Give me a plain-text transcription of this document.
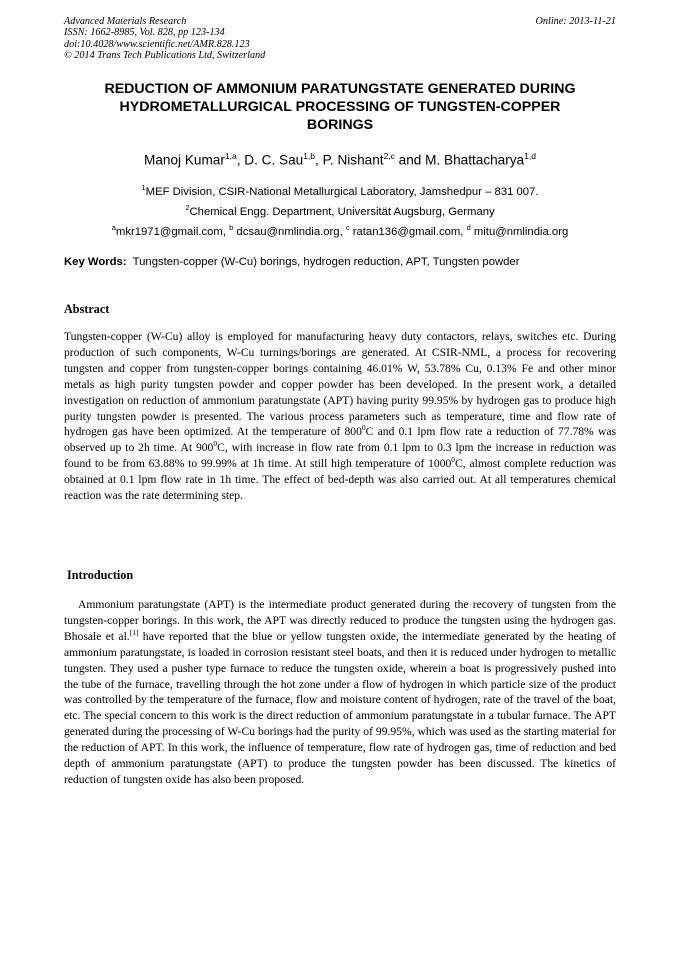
Advanced Materials Research
ISSN: 1662-8985, Vol. 828, pp 123-134
doi:10.4028/www.scientific.net/AMR.828.123
© 2014 Trans Tech Publications Ltd, Switzerland
Online: 2013-11-21
REDUCTION OF AMMONIUM PARATUNGSTATE GENERATED DURING
HYDROMETALLURGICAL PROCESSING OF TUNGSTEN-COPPER
BORINGS
Manoj Kumar$^{1,a}$, D. C. Sau$^{1,b}$, P. Nishant$^{2,c}$ and M. Bhattacharya$^{1,d}$
$^1$MEF Division, CSIR-National Metallurgical Laboratory, Jamshedpur – 831 007.
$^2$Chemical Engg. Department, Universität Augsburg, Germany
$^a$mkr1971@gmail.com, $^b$ dcsau@nmlindia.org, $^c$ ratan136@gmail.com, $^d$ mitu@nmlindia.org
Key Words:  Tungsten-copper (W-Cu) borings, hydrogen reduction, APT, Tungsten powder
Abstract
Tungsten-copper (W-Cu) alloy is employed for manufacturing heavy duty contactors, relays, switches etc. During production of such components, W-Cu turnings/borings are generated. At CSIR-NML, a process for recovering tungsten and copper from tungsten-copper borings containing 46.01% W, 53.78% Cu, 0.13% Fe and other minor metals as high purity tungsten powder and copper powder has been developed. In the present work, a detailed investigation on reduction of ammonium paratungstate (APT) having purity 99.95% by hydrogen gas to produce high purity tungsten powder is presented. The various process parameters such as temperature, time and flow rate of hydrogen gas have been optimized. At the temperature of $800^0C$ and 0.1 lpm flow rate a reduction of 77.78% was observed up to 2h time. At $900^0C$, with increase in flow rate from 0.1 lpm to 0.3 lpm the increase in reduction was found to be from 63.88% to 99.99% at 1h time. At still high temperature of 1000$^0$C, almost complete reduction was obtained at 0.1 lpm flow rate in 1h time. The effect of bed-depth was also carried out. At all temperatures chemical reaction was the rate determining step.
Introduction
Ammonium paratungstate (APT) is the intermediate product generated during the recovery of tungsten from the tungsten-copper borings. In this work, the APT was directly reduced to produce the tungsten using the hydrogen gas. Bhosale et al.[1] have reported that the blue or yellow tungsten oxide, the intermediate generated by the heating of ammonium paratungstate, is loaded in corrosion resistant steel boats, and then it is reduced under hydrogen to metallic tungsten. They used a pusher type furnace to reduce the tungsten oxide, wherein a boat is progressively pushed into the tube of the furnace, travelling through the hot zone under a flow of hydrogen in which particle size of the product was controlled by the temperature of the furnace, flow and moisture content of hydrogen, rate of the travel of the boat, etc. The special concern to this work is the direct reduction of ammonium paratungstate in a tubular furnace. The APT generated during the processing of W-Cu borings had the purity of 99.95%, which was used as the starting material for the reduction of APT. In this work, the influence of temperature, flow rate of hydrogen gas, time of reduction and bed depth of ammonium paratungstate (APT) to produce the tungsten powder has been discussed. The kinetics of reduction of tungsten oxide has also been proposed.
